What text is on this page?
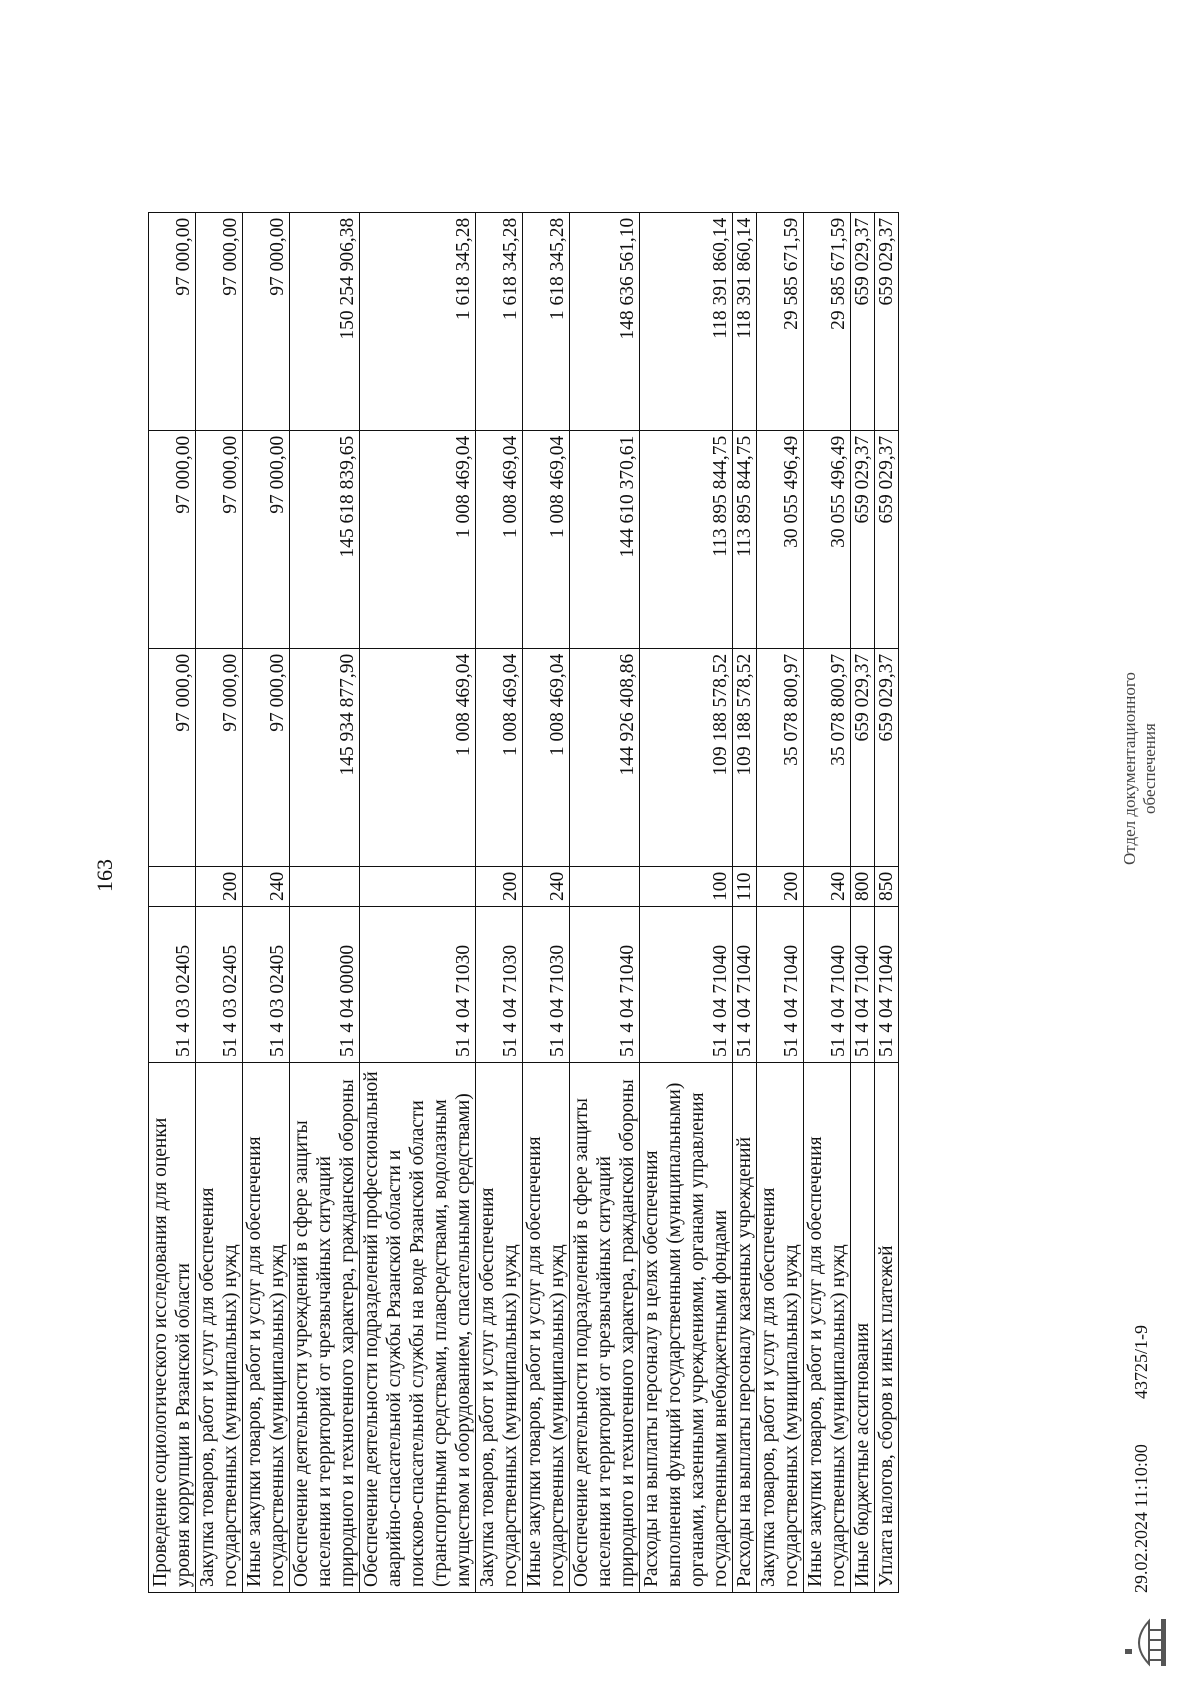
163
Проведение социологического исследования для оценки уровня коррупции в Рязанской области	51 4 03 02405		97 000,00	97 000,00	97 000,00
Закупка товаров, работ и услуг для обеспечения государственных (муниципальных) нужд	51 4 03 02405	200	97 000,00	97 000,00	97 000,00
Иные закупки товаров, работ и услуг для обеспечения государственных (муниципальных) нужд	51 4 03 02405	240	97 000,00	97 000,00	97 000,00
Обеспечение деятельности учреждений в сфере защиты населения и территорий от чрезвычайных ситуаций природного и техногенного характера, гражданской обороны	51 4 04 00000		145 934 877,90	145 618 839,65	150 254 906,38
Обеспечение деятельности подразделений профессиональной аварийно-спасательной службы Рязанской области и поисково-спасательной службы на воде Рязанской области (транспортными средствами, плавсредствами, водолазным имуществом и оборудованием, спасательными средствами)	51 4 04 71030		1 008 469,04	1 008 469,04	1 618 345,28
Закупка товаров, работ и услуг для обеспечения государственных (муниципальных) нужд	51 4 04 71030	200	1 008 469,04	1 008 469,04	1 618 345,28
Иные закупки товаров, работ и услуг для обеспечения государственных (муниципальных) нужд	51 4 04 71030	240	1 008 469,04	1 008 469,04	1 618 345,28
Обеспечение деятельности подразделений в сфере защиты населения и территорий от чрезвычайных ситуаций природного и техногенного характера, гражданской обороны	51 4 04 71040		144 926 408,86	144 610 370,61	148 636 561,10
Расходы на выплаты персоналу в целях обеспечения выполнения функций государственными (муниципальными) органами, казенными учреждениями, органами управления государственными внебюджетными фондами	51 4 04 71040	100	109 188 578,52	113 895 844,75	118 391 860,14
Расходы на выплаты персоналу казенных учреждений	51 4 04 71040	110	109 188 578,52	113 895 844,75	118 391 860,14
Закупка товаров, работ и услуг для обеспечения государственных (муниципальных) нужд	51 4 04 71040	200	35 078 800,97	30 055 496,49	29 585 671,59
Иные закупки товаров, работ и услуг для обеспечения государственных (муниципальных) нужд	51 4 04 71040	240	35 078 800,97	30 055 496,49	29 585 671,59
Иные бюджетные ассигнования	51 4 04 71040	800	659 029,37	659 029,37	659 029,37
Уплата налогов, сборов и иных платежей	51 4 04 71040	850	659 029,37	659 029,37	659 029,37
29.02.2024 11:10:00
43725/1-9
Отдел документационного обеспечения
